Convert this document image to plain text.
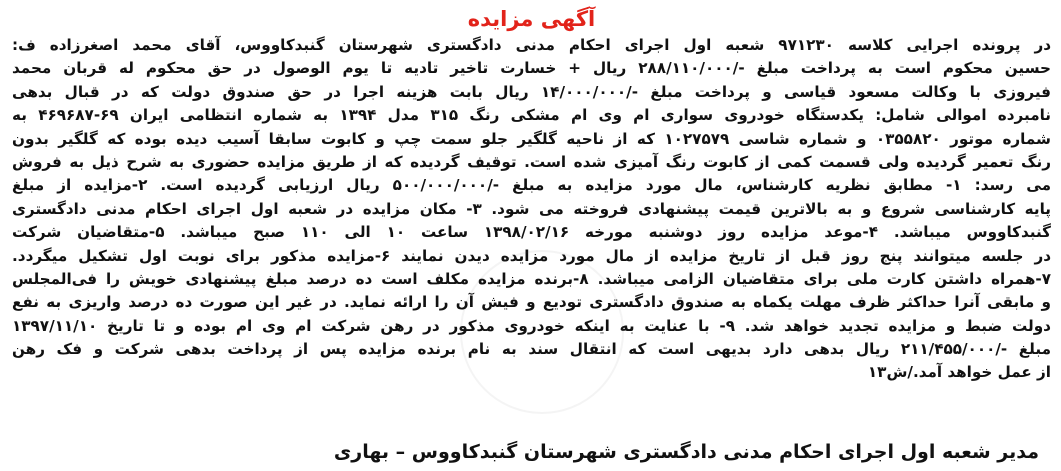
آگهی مزایده
در پرونده اجرایی کلاسه ۹۷۱۲۳۰ شعبه اول اجرای احکام مدنی دادگستری شهرستان گنبدکاووس، آقای محمد اصغرزاده ف:
حسین محکوم است به پرداخت مبلغ -/۲۸۸/۱۱۰/۰۰۰ ریال + خسارت تاخیر تادیه تا یوم الوصول در حق محکوم له قربان محمد
فیروزی با وکالت مسعود قیاسی و پرداخت مبلغ -/۱۴/۰۰۰/۰۰۰ ریال بابت هزینه اجرا در حق صندوق دولت که در قبال بدهی
نامبرده اموالی شامل: یکدستگاه خودروی سواری ام وی ام مشکی رنگ ۳۱۵ مدل ۱۳۹۴ به شماره انتظامی ایران ۶۹-۴۶۹۶۸۷ به
شماره موتور ۰۳۵۵۸۲۰ و شماره شاسی ۱۰۲۷۵۷۹ که از ناحیه گلگیر جلو سمت چپ و کابوت سابقا آسیب دیده بوده که گلگیر بدون
رنگ تعمیر گردیده ولی قسمت کمی از کابوت رنگ آمیزی شده است. توقیف گردیده که از طریق مزایده حضوری به شرح ذیل به فروش
می رسد: ۱- مطابق نظریه کارشناس، مال مورد مزایده به مبلغ -/۵۰۰/۰۰۰/۰۰۰ ریال ارزیابی گردیده است. ۲-مزایده از مبلغ
پایه کارشناسی شروع و به بالاترین قیمت پیشنهادی فروخته می شود. ۳- مکان مزایده در شعبه اول اجرای احکام مدنی دادگستری
گنبدکاووس میباشد. ۴-موعد مزایده روز دوشنبه مورخه ۱۳۹۸/۰۲/۱۶ ساعت ۱۰ الی ۱۱۰ صبح میباشد. ۵-متقاضیان شرکت
در جلسه میتوانند پنج روز قبل از تاریخ مزایده از مال مورد مزایده دیدن نمایند ۶-مزایده مذکور برای نوبت اول تشکیل میگردد.
۷-همراه داشتن کارت ملی برای متقاضیان الزامی میباشد. ۸-برنده مزایده مکلف است ده درصد مبلغ پیشنهادی خویش را فی‌المجلس
و مابقی آنرا حداکثر ظرف مهلت یکماه به صندوق دادگستری تودیع و فیش آن را ارائه نماید. در غیر این صورت ده درصد واریزی به نفع
دولت ضبط و مزایده تجدید خواهد شد. ۹- با عنایت به اینکه خودروی مذکور در رهن شرکت ام وی ام بوده و تا تاریخ ۱۳۹۷/۱۱/۱۰
مبلغ -/۲۱۱/۴۵۵/۰۰۰ ریال بدهی دارد بدیهی است که انتقال سند به نام برنده مزایده پس از پرداخت بدهی شرکت و فک رهن
از عمل خواهد آمد./ش۱۳
مدیر شعبه اول اجرای احکام مدنی دادگستری شهرستان گنبدکاووس – بهاری
